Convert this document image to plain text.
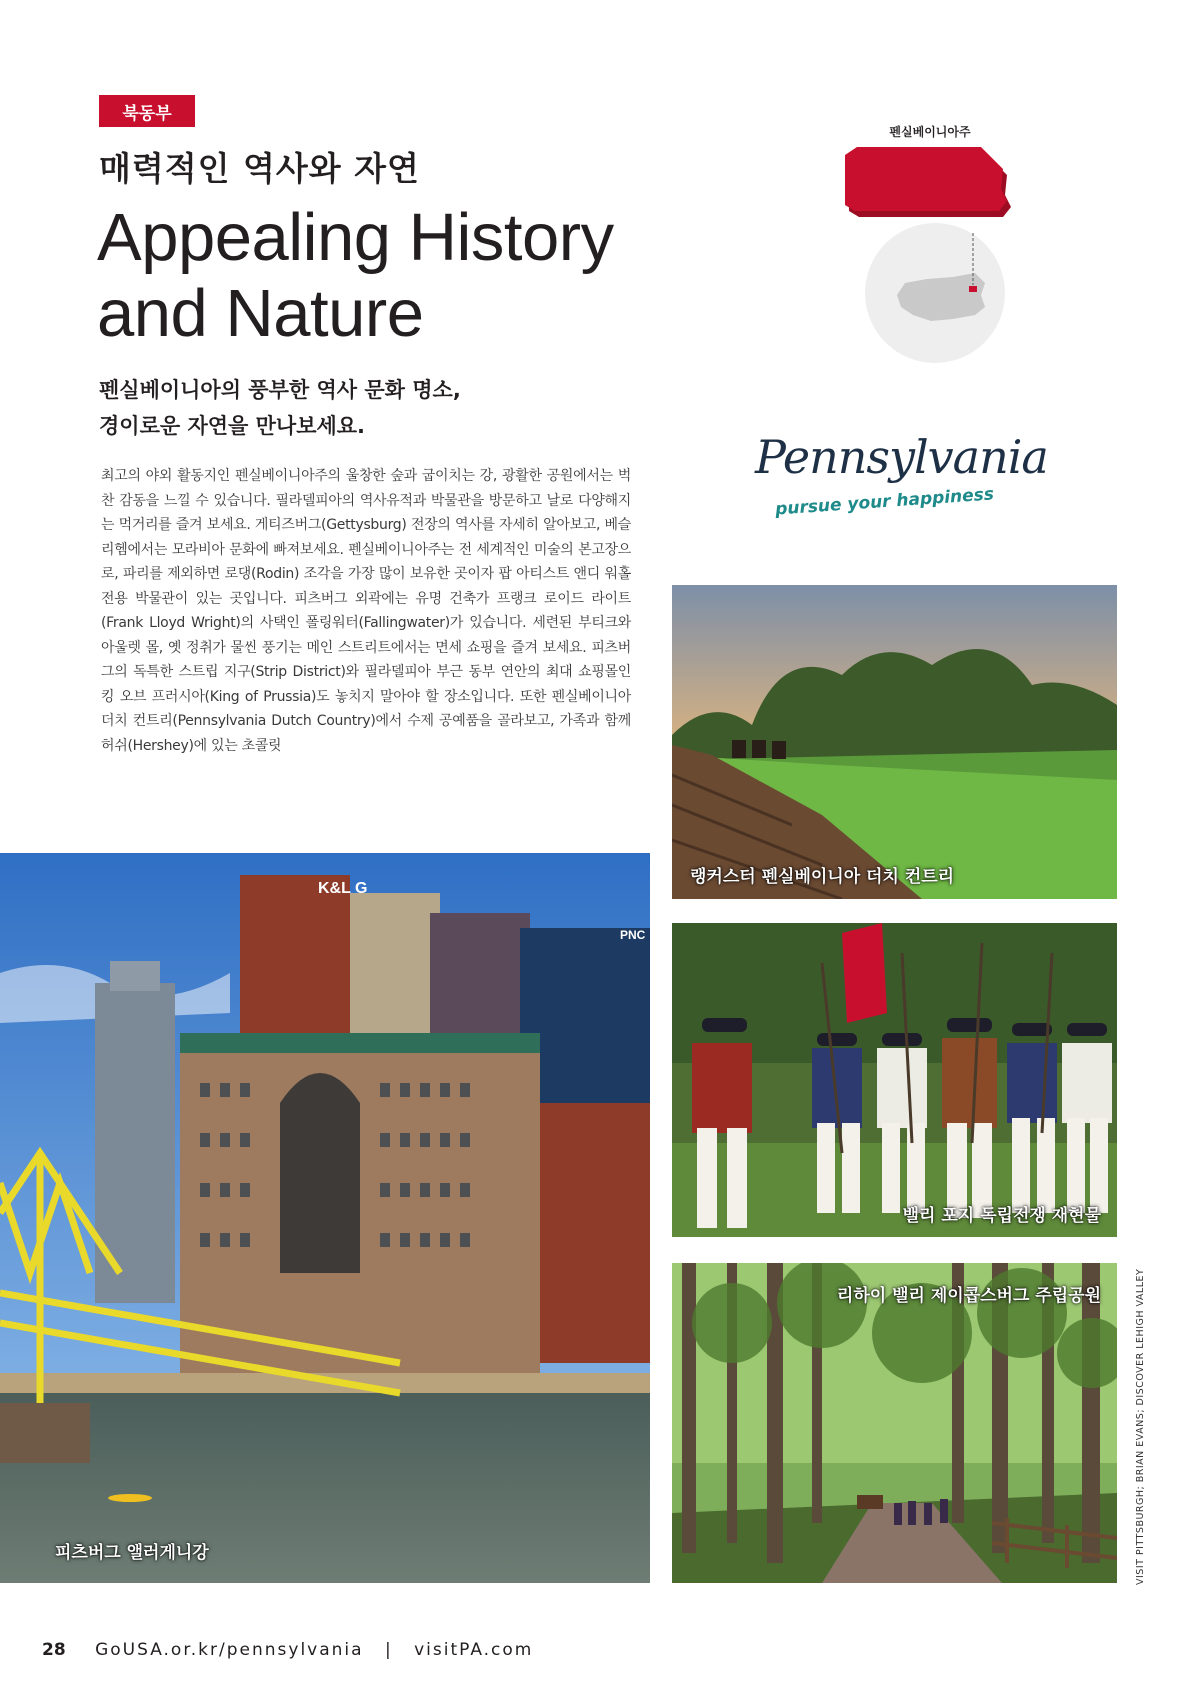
북동부
매력적인 역사와 자연
Appealing History
and Nature
펜실베이니아의 풍부한 역사 문화 명소,
경이로운 자연을 만나보세요.
최고의 야외 활동지인 펜실베이니아주의 울창한 숲과 굽이치는 강, 광활한 공원에서는 벅찬 감동을 느낄 수 있습니다. 필라델피아의 역사유적과 박물관을 방문하고 날로 다양해지는 먹거리를 즐겨 보세요. 게티즈버그(Gettysburg) 전장의 역사를 자세히 알아보고, 베슬리헴에서는 모라비아 문화에 빠져보세요. 펜실베이니아주는 전 세계적인 미술의 본고장으로, 파리를 제외하면 로댕(Rodin) 조각을 가장 많이 보유한 곳이자 팝 아티스트 앤디 워홀 전용 박물관이 있는 곳입니다. 피츠버그 외곽에는 유명 건축가 프랭크 로이드 라이트(Frank Lloyd Wright)의 사택인 폴링워터(Fallingwater)가 있습니다. 세련된 부티크와 아울렛 몰, 옛 정취가 물씬 풍기는 메인 스트리트에서는 면세 쇼핑을 즐겨 보세요. 피츠버그의 독특한 스트립 지구(Strip District)와 필라델피아 부근 동부 연안의 최대 쇼핑몰인 킹 오브 프러시아(King of Prussia)도 놓치지 말아야 할 장소입니다. 또한 펜실베이니아 더치 컨트리(Pennsylvania Dutch Country)에서 수제 공예품을 골라보고, 가족과 함께 허쉬(Hershey)에 있는 초콜릿
펜실베이니아주
Pennsylvania
pursue your happiness
K&L G
PNC
피츠버그 앨러게니강
랭커스터 펜실베이니아 더치 컨트리
밸리 포지 독립전쟁 재현물
리하이 밸리 제이콥스버그 주립공원	VISIT PITTSBURGH; BRIAN EVANS; DISCOVER LEHIGH VALLEY
28 GoUSA.or.kr/pennsylvania | visitPA.com
